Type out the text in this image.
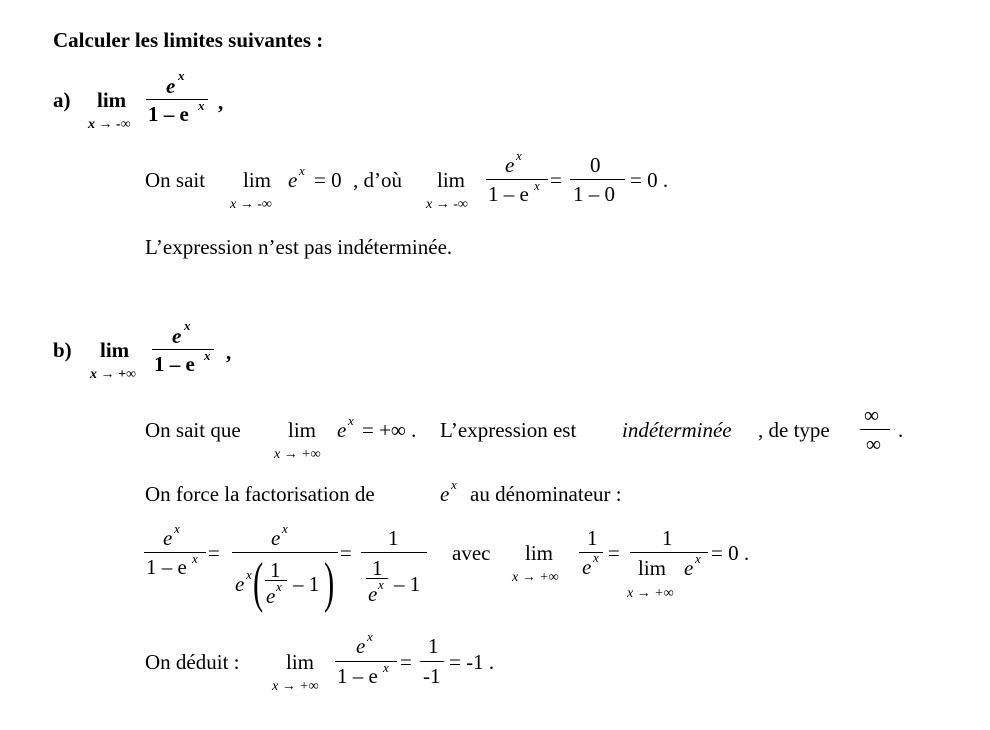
Calculer les limites suivantes :
a) lim
x → -∞
e x
1 – e x ,
On sait lim
x → -∞
e x = 0 , d’où lim
x → -∞
e x
1 – e x =
0
1 – 0
= 0 .
L’expression n’est pas indéterminée.
b) lim
x → +∞
e x
1 – e x ,
On sait que lim
x → +∞
e x = +∞ . L’expression est indéterminée , de type
∞
∞
.
On force la factorisation de	e x au dénominateur :
e x
1 – e x =
e x
e x ( 1
e x – 1 ) =
1
1
e x – 1
avec lim
x → +∞
1
e x =
1
lim e x
x → +∞
= 0 .
On déduit : lim
x → +∞
e x
1 – e x =
1
-1
= -1 .
